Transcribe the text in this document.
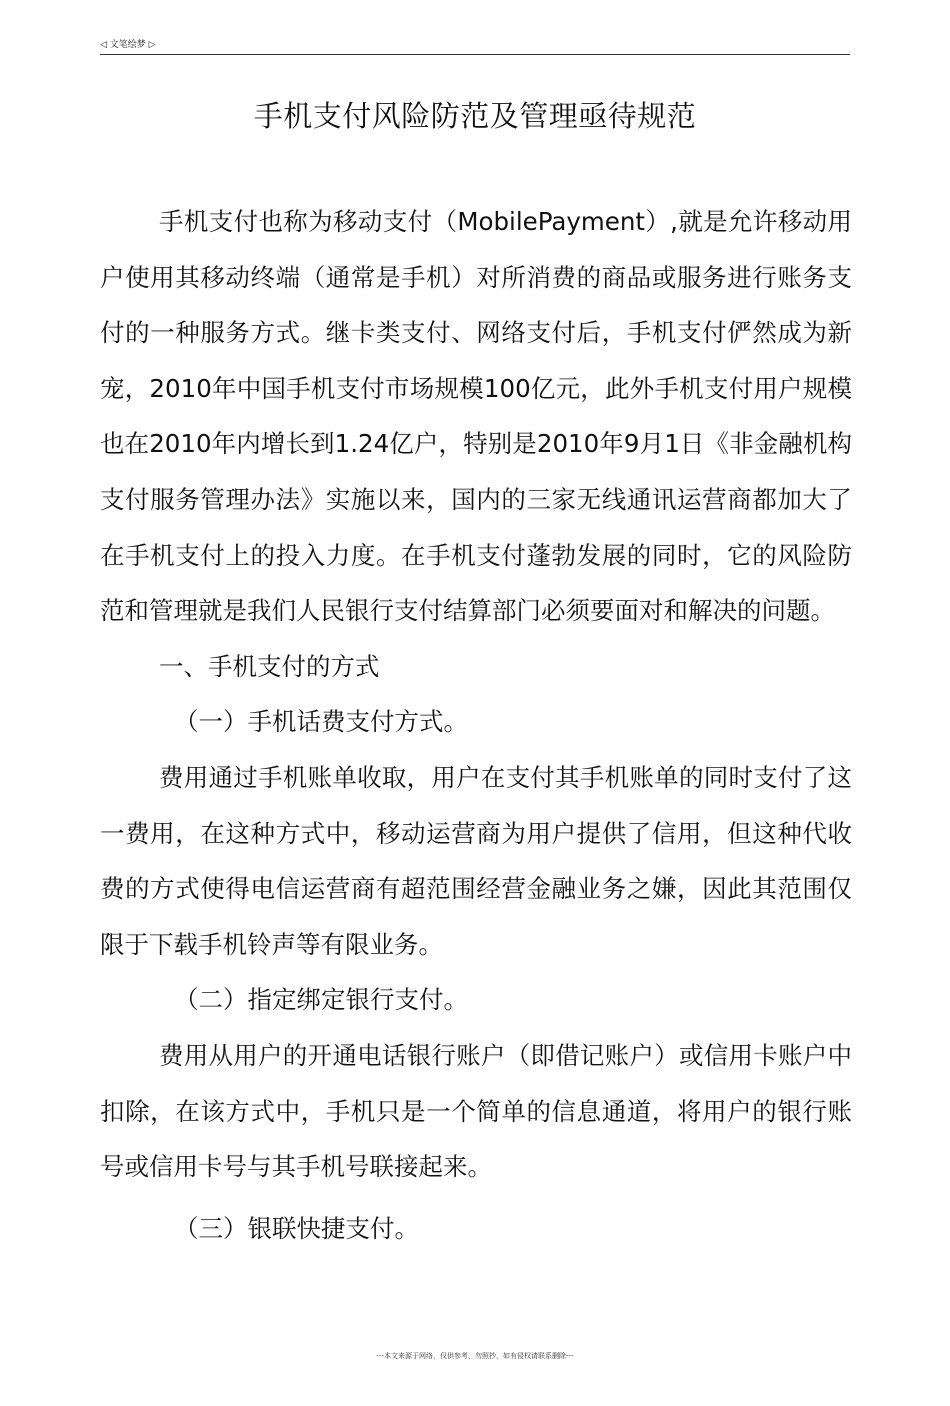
◁ 文笔绘梦 ▷
手机支付风险防范及管理亟待规范

手机支付也称为移动支付（MobilePayment）,就是允许移动用户使用其移动终端（通常是手机）对所消费的商品或服务进行账务支付的一种服务方式。继卡类支付、网络支付后，手机支付俨然成为新宠，2010年中国手机支付市场规模100亿元，此外手机支付用户规模也在2010年内增长到1.24亿户，特别是2010年9月1日《非金融机构支付服务管理办法》实施以来，国内的三家无线通讯运营商都加大了在手机支付上的投入力度。在手机支付蓬勃发展的同时，它的风险防范和管理就是我们人民银行支付结算部门必须要面对和解决的问题。

一、手机支付的方式

（一）手机话费支付方式。

费用通过手机账单收取，用户在支付其手机账单的同时支付了这一费用，在这种方式中，移动运营商为用户提供了信用，但这种代收费的方式使得电信运营商有超范围经营金融业务之嫌，因此其范围仅限于下载手机铃声等有限业务。

（二）指定绑定银行支付。

费用从用户的开通电话银行账户（即借记账户）或信用卡账户中扣除，在该方式中，手机只是一个简单的信息通道，将用户的银行账号或信用卡号与其手机号联接起来。

（三）银联快捷支付。

---本文来源于网络，仅供参考，勿照抄，如有侵权请联系删除---
